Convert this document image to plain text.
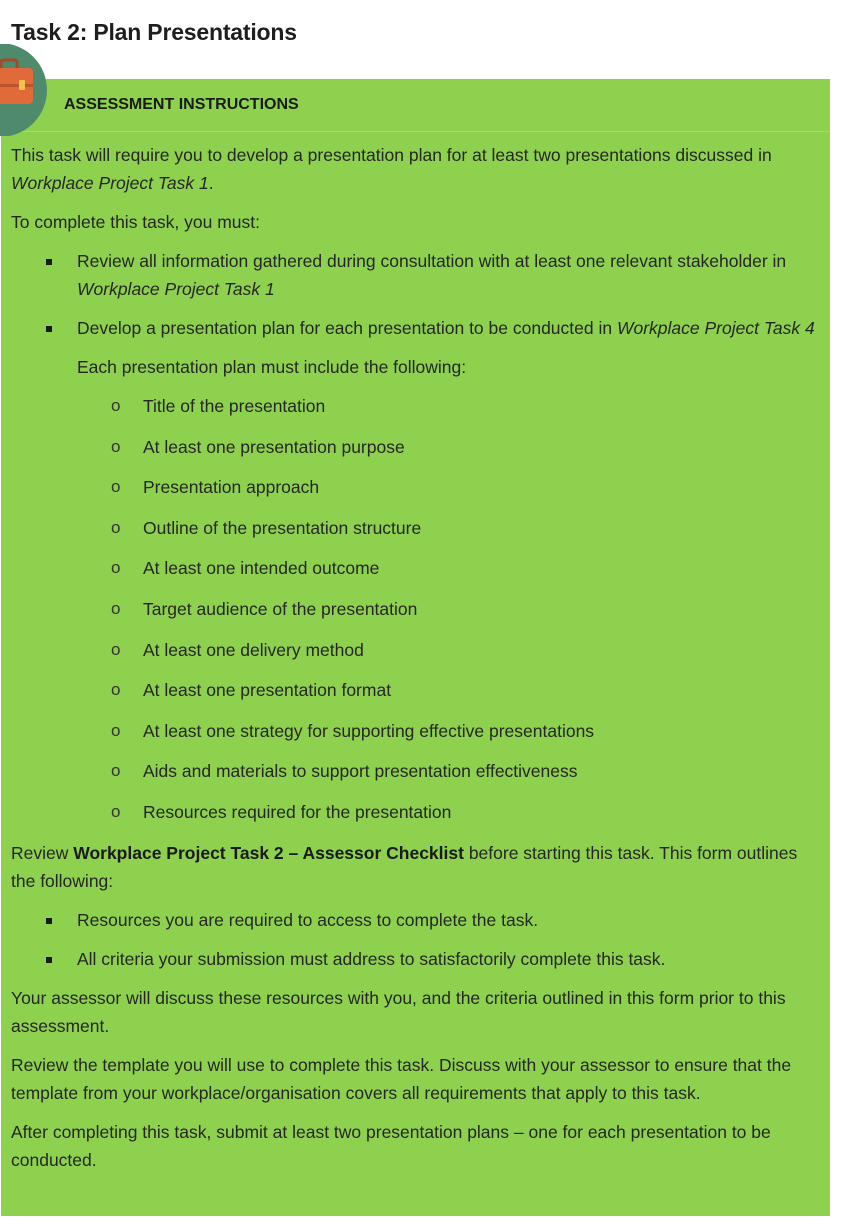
Task 2: Plan Presentations
ASSESSMENT INSTRUCTIONS

This task will require you to develop a presentation plan for at least two presentations discussed in Workplace Project Task 1.

To complete this task, you must:

Review all information gathered during consultation with at least one relevant stakeholder in Workplace Project Task 1
Develop a presentation plan for each presentation to be conducted in Workplace Project Task 4

Each presentation plan must include the following:

o Title of the presentation
o At least one presentation purpose
o Presentation approach
o Outline of the presentation structure
o At least one intended outcome
o Target audience of the presentation
o At least one delivery method
o At least one presentation format
o At least one strategy for supporting effective presentations
o Aids and materials to support presentation effectiveness
o Resources required for the presentation

Review Workplace Project Task 2 – Assessor Checklist before starting this task. This form outlines the following:

Resources you are required to access to complete the task.
All criteria your submission must address to satisfactorily complete this task.

Your assessor will discuss these resources with you, and the criteria outlined in this form prior to this assessment.

Review the template you will use to complete this task. Discuss with your assessor to ensure that the template from your workplace/organisation covers all requirements that apply to this task.

After completing this task, submit at least two presentation plans – one for each presentation to be conducted.
